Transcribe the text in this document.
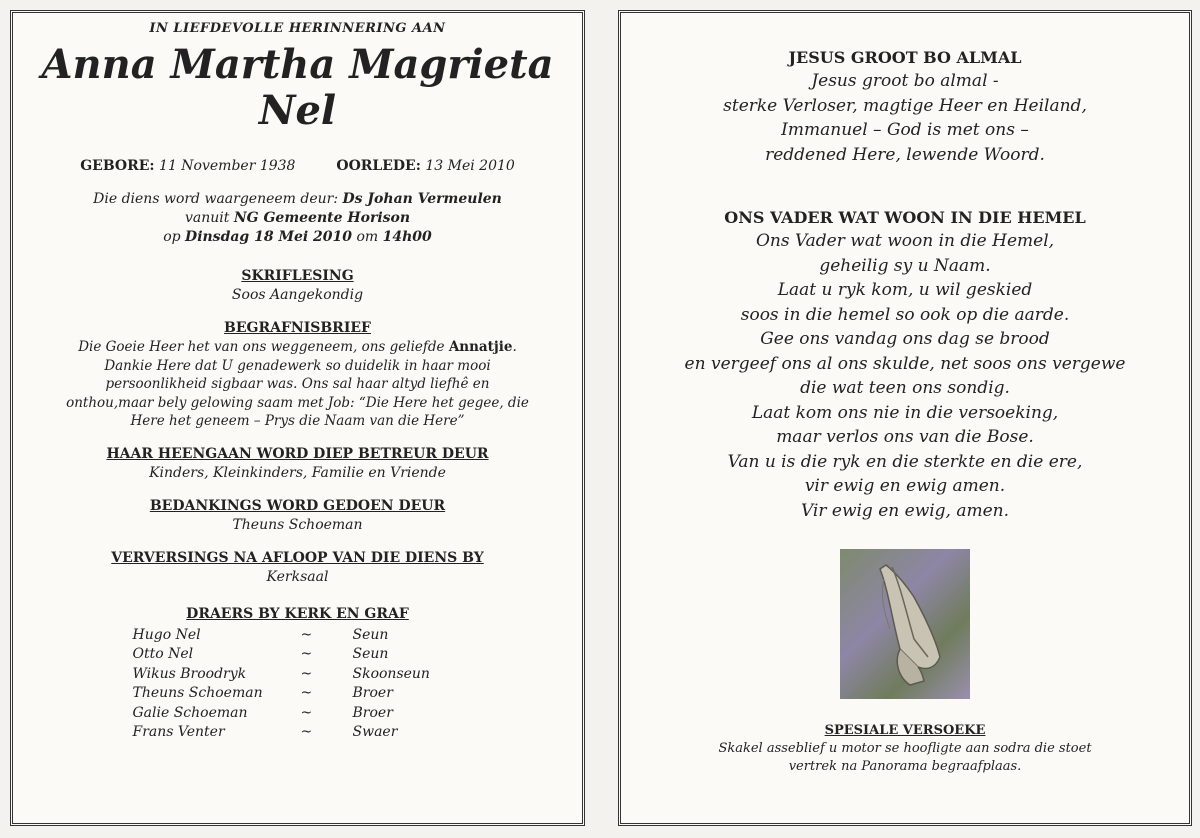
IN LIEFDEVOLLE HERINNERING AAN
Anna Martha Magrieta
Nel
GEBORE: 11 November 1938	OORLEDE: 13 Mei 2010
Die diens word waargeneem deur: Ds Johan Vermeulen
vanuit NG Gemeente Horison
op Dinsdag 18 Mei 2010 om 14h00
SKRIFLESING
Soos Aangekondig
BEGRAFNISBRIEF
Die Goeie Heer het van ons weggeneem, ons geliefde Annatjie.
Dankie Here dat U genadewerk so duidelik in haar mooi
persoonlikheid sigbaar was. Ons sal haar altyd liefhê en
onthou,maar bely gelowing saam met Job: “Die Here het gegee, die
Here het geneem – Prys die Naam van die Here”
HAAR HEENGAAN WORD DIEP BETREUR DEUR
Kinders, Kleinkinders, Familie en Vriende
BEDANKINGS WORD GEDOEN DEUR
Theuns Schoeman
VERVERSINGS NA AFLOOP VAN DIE DIENS BY
Kerksaal
DRAERS BY KERK EN GRAF
Hugo Nel	~	Seun
Otto Nel	~	Seun
Wikus Broodryk	~	Skoonseun
Theuns Schoeman	~	Broer
Galie Schoeman	~	Broer
Frans Venter	~	Swaer
JESUS GROOT BO ALMAL
Jesus groot bo almal -
sterke Verloser, magtige Heer en Heiland,
Immanuel – God is met ons –
reddened Here, lewende Woord.
ONS VADER WAT WOON IN DIE HEMEL
Ons Vader wat woon in die Hemel,
geheilig sy u Naam.
Laat u ryk kom, u wil geskied
soos in die hemel so ook op die aarde.
Gee ons vandag ons dag se brood
en vergeef ons al ons skulde, net soos ons vergewe
die wat teen ons sondig.
Laat kom ons nie in die versoeking,
maar verlos ons van die Bose.
Van u is die ryk en die sterkte en die ere,
vir ewig en ewig amen.
Vir ewig en ewig, amen.
SPESIALE VERSOEKE
Skakel asseblief u motor se hoofligte aan sodra die stoet
vertrek na Panorama begraafplaas.
